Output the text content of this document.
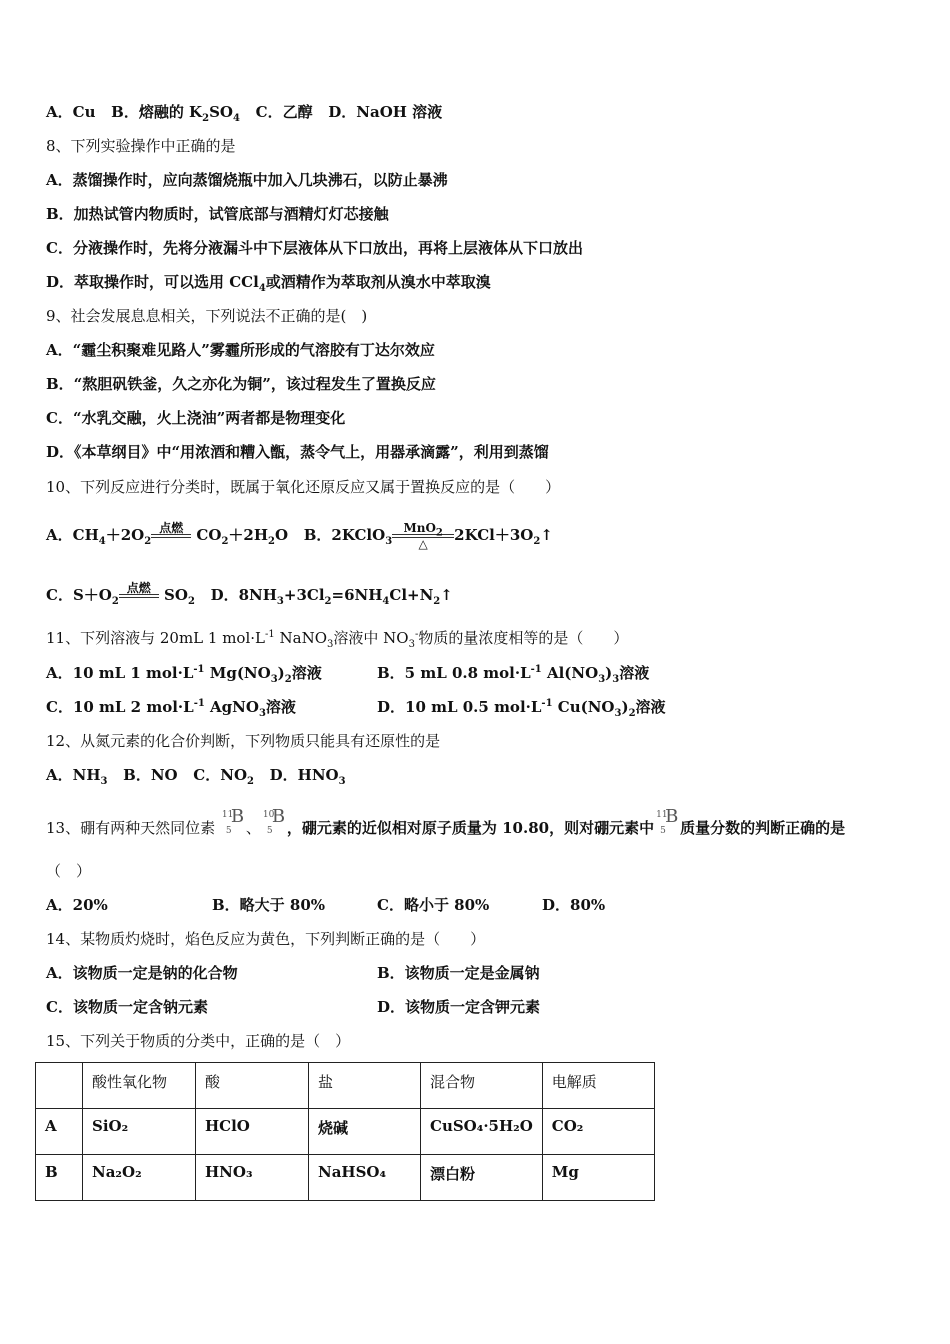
A．Cu B．熔融的 $K_2SO_4$ C．乙醇 D．NaOH 溶液
8、下列实验操作中正确的是
A．蒸馏操作时，应向蒸馏烧瓶中加入几块沸石，以防止暴沸
B．加热试管内物质时，试管底部与酒精灯灯芯接触
C．分液操作时，先将分液漏斗中下层液体从下口放出，再将上层液体从下口放出
D．萃取操作时，可以选用 CCl$_4$或酒精作为萃取剂从溴水中萃取溴
9、社会发展息息相关，下列说法不正确的是(　)
A．“霾尘积聚难见路人”雾霾所形成的气溶胶有丁达尔效应
B．“熬胆矾铁釜，久之亦化为铜”，该过程发生了置换反应
C．“水乳交融，火上浇油”两者都是物理变化
D．《本草纲目》中“用浓酒和糟入甑，蒸令气上，用器承滴露”，利用到蒸馏
10、下列反应进行分类时，既属于氧化还原反应又属于置换反应的是（　　）
A．$CH_4+2O_2$
点燃
$CO_2+2H_2O$   B．2KClO$_3$
MnO$_2$
△	$2KCl+3O_2↑$
C．$S+O_2$
点燃
$SO_2$ D．$8NH_3+3Cl_2=6NH_4Cl+N_2↑$
11、下列溶液与 20mL 1 $mol\cdot L^{-1}$ NaNO$_3$溶液中 $NO_3^-$物质的量浓度相等的是（　　）
A．10 mL 1 $mol\cdot L^{-1}$ $Mg(NO_3)_2$溶液	B．5 mL 0.8 $mol\cdot L^{-1}$ $Al(NO_3)_3$溶液
C．10 mL 2 $mol\cdot L^{-1}$ AgNO$_3$溶液	D．10 mL 0.5 $mol\cdot L^{-1}$ $Cu(NO_3)_2$溶液
12、从氮元素的化合价判断，下列物质只能具有还原性的是
A．$NH_3$   B．NO   C．$NO_2$   D．$HNO_3$
13、硼有两种天然同位素
11
5
B
、
10
5
B
，硼元素的近似相对原子质量为 10.80，则对硼元素中
11
5
B
质量分数的判断正确的是
（　）
A．20%	B．略大于 80%	C．略小于 80%	D．80%
14、某物质灼烧时，焰色反应为黄色，下列判断正确的是（　　）
A．该物质一定是钠的化合物	B．该物质一定是金属钠
C．该物质一定含钠元素	D．该物质一定含钾元素
15、下列关于物质的分类中，正确的是（　）
	酸性氧化物	酸	盐	混合物	电解质
A	SiO₂	HClO	烧碱	CuSO₄·5H₂O	CO₂
B	Na₂O₂	HNO₃	NaHSO₄	漂白粉	Mg
